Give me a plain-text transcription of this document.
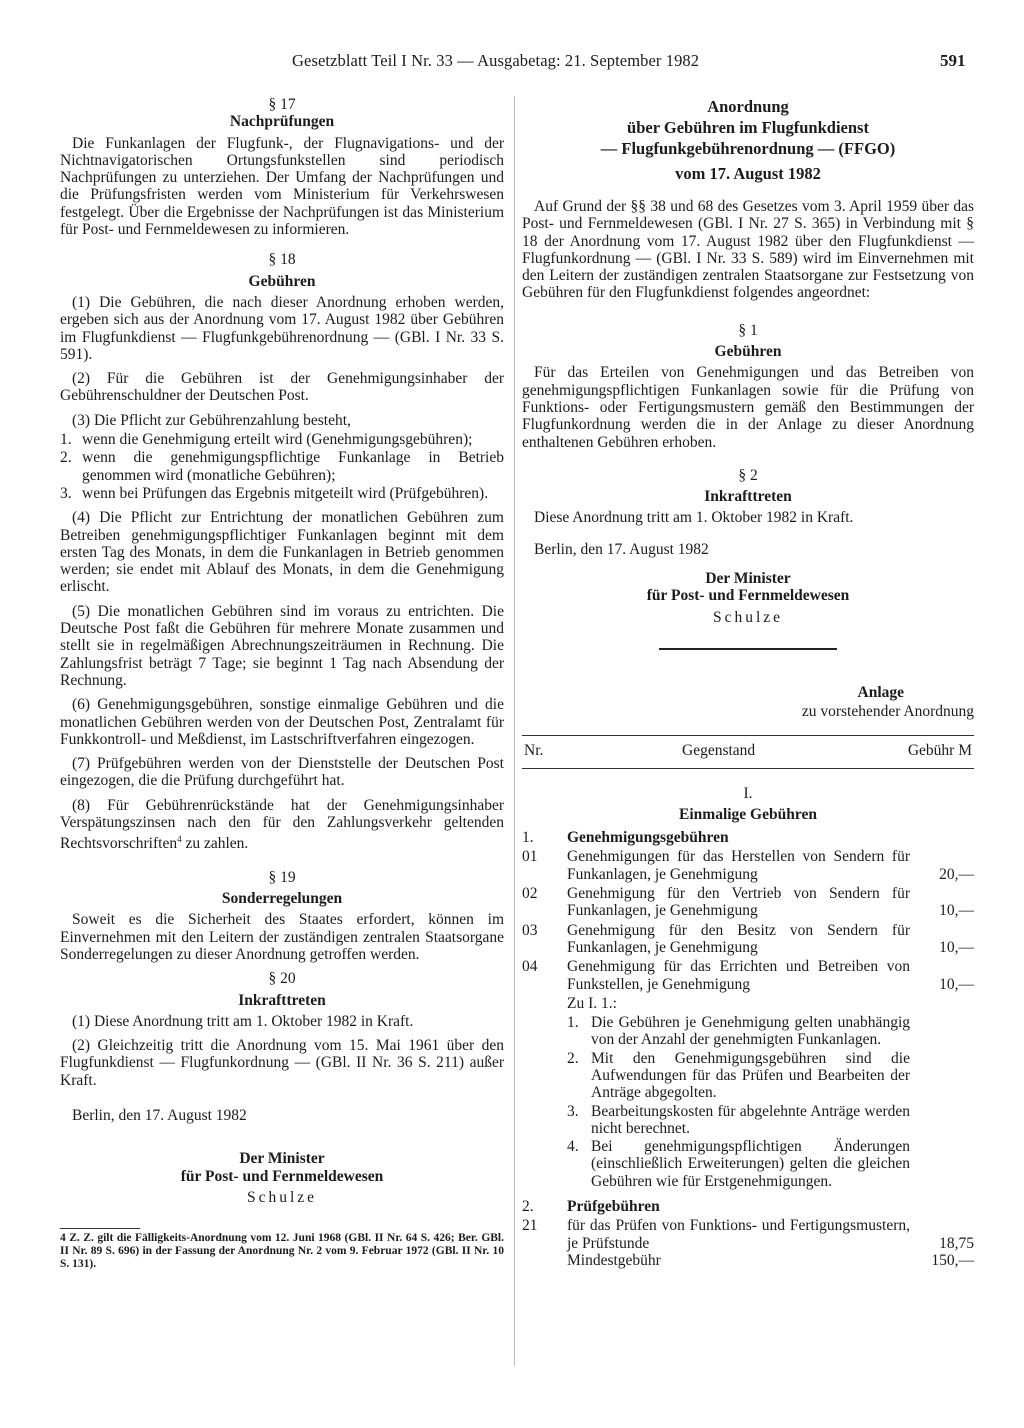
Gesetzblatt Teil I Nr. 33 — Ausgabetag: 21. September 1982	591

§ 17

Nachprüfungen

Die Funkanlagen der Flugfunk-, der Flugnavigations- und der Nichtnavigatorischen Ortungsfunkstellen sind periodisch Nachprüfungen zu unterziehen. Der Umfang der Nachprüfungen und die Prüfungsfristen werden vom Ministerium für Verkehrswesen festgelegt. Über die Ergebnisse der Nachprüfungen ist das Ministerium für Post- und Fernmeldewesen zu informieren.

§ 18

Gebühren

(1) Die Gebühren, die nach dieser Anordnung erhoben werden, ergeben sich aus der Anordnung vom 17. August 1982 über Gebühren im Flugfunkdienst — Flugfunkgebührenordnung — (GBl. I Nr. 33 S. 591).

(2) Für die Gebühren ist der Genehmigungsinhaber der Gebührenschuldner der Deutschen Post.

(3) Die Pflicht zur Gebührenzahlung besteht,

1. wenn die Genehmigung erteilt wird (Genehmigungsgebühren);
2. wenn die genehmigungspflichtige Funkanlage in Betrieb genommen wird (monatliche Gebühren);
3. wenn bei Prüfungen das Ergebnis mitgeteilt wird (Prüfgebühren).

(4) Die Pflicht zur Entrichtung der monatlichen Gebühren zum Betreiben genehmigungspflichtiger Funkanlagen beginnt mit dem ersten Tag des Monats, in dem die Funkanlagen in Betrieb genommen werden; sie endet mit Ablauf des Monats, in dem die Genehmigung erlischt.

(5) Die monatlichen Gebühren sind im voraus zu entrichten. Die Deutsche Post faßt die Gebühren für mehrere Monate zusammen und stellt sie in regelmäßigen Abrechnungszeiträumen in Rechnung. Die Zahlungsfrist beträgt 7 Tage; sie beginnt 1 Tag nach Absendung der Rechnung.

(6) Genehmigungsgebühren, sonstige einmalige Gebühren und die monatlichen Gebühren werden von der Deutschen Post, Zentralamt für Funkkontroll- und Meßdienst, im Lastschriftverfahren eingezogen.

(7) Prüfgebühren werden von der Dienststelle der Deutschen Post eingezogen, die die Prüfung durchgeführt hat.

(8) Für Gebührenrückstände hat der Genehmigungsinhaber Verspätungszinsen nach den für den Zahlungsverkehr geltenden Rechtsvorschriften$^4$ zu zahlen.

§ 19

Sonderregelungen

Soweit es die Sicherheit des Staates erfordert, können im Einvernehmen mit den Leitern der zuständigen zentralen Staatsorgane Sonderregelungen zu dieser Anordnung getroffen werden.

§ 20

Inkrafttreten

(1) Diese Anordnung tritt am 1. Oktober 1982 in Kraft.

(2) Gleichzeitig tritt die Anordnung vom 15. Mai 1961 über den Flugfunkdienst — Flugfunkordnung — (GBl. II Nr. 36 S. 211) außer Kraft.

Berlin, den 17. August 1982

Der Minister

für Post- und Fernmeldewesen

Schulze

4 Z. Z. gilt die Fälligkeits-Anordnung vom 12. Juni 1968 (GBl. II Nr. 64 S. 426; Ber. GBl. II Nr. 89 S. 696) in der Fassung der Anordnung Nr. 2 vom 9. Februar 1972 (GBl. II Nr. 10 S. 131).

Anordnung

über Gebühren im Flugfunkdienst

— Flugfunkgebührenordnung — (FFGO)

vom 17. August 1982

Auf Grund der §§ 38 und 68 des Gesetzes vom 3. April 1959 über das Post- und Fernmeldewesen (GBl. I Nr. 27 S. 365) in Verbindung mit § 18 der Anordnung vom 17. August 1982 über den Flugfunkdienst — Flugfunkordnung — (GBl. I Nr. 33 S. 589) wird im Einvernehmen mit den Leitern der zuständigen zentralen Staatsorgane zur Festsetzung von Gebühren für den Flugfunkdienst folgendes angeordnet:

§ 1

Gebühren

Für das Erteilen von Genehmigungen und das Betreiben von genehmigungspflichtigen Funkanlagen sowie für die Prüfung von Funktions- oder Fertigungsmustern gemäß den Bestimmungen der Flugfunkordnung werden die in der Anlage zu dieser Anordnung enthaltenen Gebühren erhoben.

§ 2

Inkrafttreten

Diese Anordnung tritt am 1. Oktober 1982 in Kraft.

Berlin, den 17. August 1982

Der Minister

für Post- und Fernmeldewesen

Schulze

Anlage

zu vorstehender Anordnung

Nr.	Gegenstand	Gebühr M

I.

Einmalige Gebühren

1.	Genehmigungsgebühren
01	Genehmigungen für das Herstellen von Sendern für Funkanlagen, je Genehmigung	20,—
02	Genehmigung für den Vertrieb von Sendern für Funkanlagen, je Genehmigung	10,—
03	Genehmigung für den Besitz von Sendern für Funkanlagen, je Genehmigung	10,—
04	Genehmigung für das Errichten und Betreiben von Funkstellen, je Genehmigung	10,—

Zu I. 1.:

1. Die Gebühren je Genehmigung gelten unabhängig von der Anzahl der genehmigten Funkanlagen.
2. Mit den Genehmigungsgebühren sind die Aufwendungen für das Prüfen und Bearbeiten der Anträge abgegolten.
3. Bearbeitungskosten für abgelehnte Anträge werden nicht berechnet.
4. Bei genehmigungspflichtigen Änderungen (einschließlich Erweiterungen) gelten die gleichen Gebühren wie für Erstgenehmigungen.
2.	Prüfgebühren
21	für das Prüfen von Funktions- und Fertigungsmustern, je Prüfstunde	18,75
Mindestgebühr	150,—
